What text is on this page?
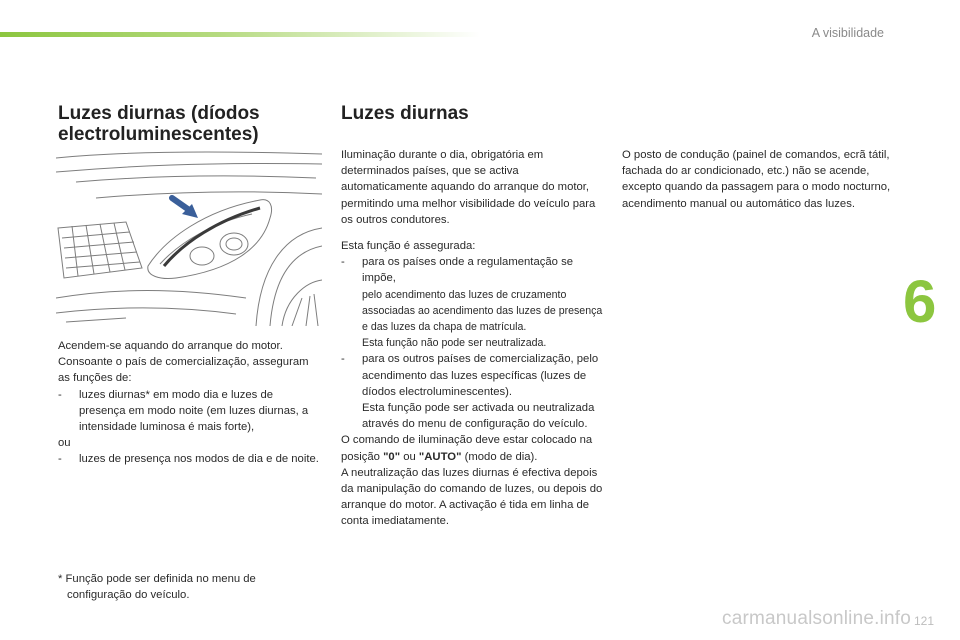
A visibilidade
6
Luzes diurnas (díodos
electroluminescentes)
Luzes diurnas

Acendem-se aquando do arranque do motor. Consoante o país de comercialização, asseguram as funções de:

-	luzes diurnas* em modo dia e luzes de presença em modo noite (em luzes diurnas, a intensidade luminosa é mais forte),

ou

-	luzes de presença nos modos de dia e de noite.
* Função pode ser definida no menu de
configuração do veículo.

Iluminação durante o dia, obrigatória em determinados países, que se activa automaticamente aquando do arranque do motor, permitindo uma melhor visibilidade do veículo para os outros condutores.

Esta função é assegurada:

-	para os países onde a regulamentação se impõe,
pelo acendimento das luzes de cruzamento associadas ao acendimento das luzes de presença e das luzes da chapa de matrícula.
Esta função não pode ser neutralizada.
-	para os outros países de comercialização, pelo acendimento das luzes específicas (luzes de díodos electroluminescentes).
Esta função pode ser activada ou neutralizada através do menu de configuração do veículo.

O comando de iluminação deve estar colocado na posição "0" ou "AUTO" (modo de dia).

A neutralização das luzes diurnas é efectiva depois da manipulação do comando de luzes, ou depois do arranque do motor. A activação é tida em linha de conta imediatamente.

O posto de condução (painel de comandos, ecrã tátil, fachada do ar condicionado, etc.) não se acende, excepto quando da passagem para o modo nocturno, acendimento manual ou automático das luzes.

carmanualsonline.info 121
